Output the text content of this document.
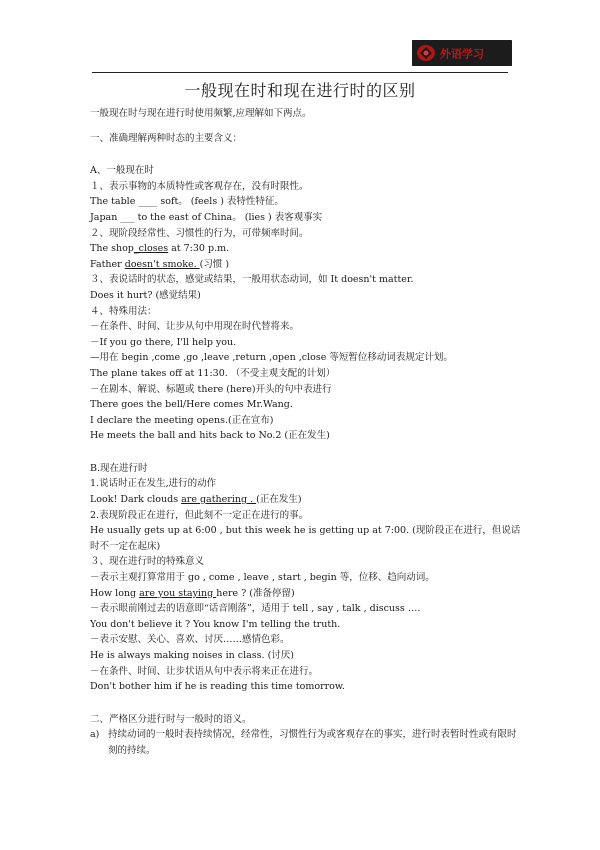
外语学习
一般现在时和现在进行时的区别
一般现在时与现在进行时使用频繁,应理解如下两点。
一、准确理解两种时态的主要含义：
A、一般现在时
１、表示事物的本质特性或客观存在，没有时限性。
The table ____ soft。 (feels ) 表特性特征。
Japan ___ to the east of China。 (lies ) 表客观事实
２、现阶段经常性、习惯性的行为，可带频率时间。
The shop_closes at 7:30 p.m.
Father doesn't smoke. (习惯 )
３、表说话时的状态，感觉或结果，一般用状态动词，如 It doesn't matter.
Does it hurt? (感觉结果)
４、特殊用法：
－在条件、时间、让步从句中用现在时代替将来。
－If you go there, I'll help you.
—用在 begin ,come ,go ,leave ,return ,open ,close 等短暂位移动词表规定计划。
The plane takes off at 11:30. （不受主观支配的计划）
－在剧本、解说、标题或 there (here)开头的句中表进行
There goes the bell/Here comes Mr.Wang.
I declare the meeting opens.(正在宣布)
He meets the ball and hits back to No.2 (正在发生)
B.现在进行时
1.说话时正在发生,进行的动作
Look! Dark clouds are gathering . (正在发生)
2.表现阶段正在进行，但此刻不一定正在进行的事。
He usually gets up at 6:00 , but this week he is getting up at 7:00. (现阶段正在进行，但说话时不一定在起床)
３、现在进行时的特殊意义
－表示主观打算常用于 go , come , leave , start , begin 等，位移、趋向动词。
How long are you staying here ? (准备停留)
－表示眼前刚过去的语意即“话音刚落”，适用于 tell , say , talk , discuss ….
You don't believe it ? You know I'm telling the truth.
－表示安慰、关心、喜欢、讨厌……感情色彩。
He is always making noises in class. (讨厌)
－在条件、时间、让步状语从句中表示将来正在进行。
Don't bother him if he is reading this time tomorrow.
二、严格区分进行时与一般时的语义。
a) 持续动词的一般时表持续情况，经常性，习惯性行为或客观存在的事实，进行时表暂时性或有限时刻的持续。
